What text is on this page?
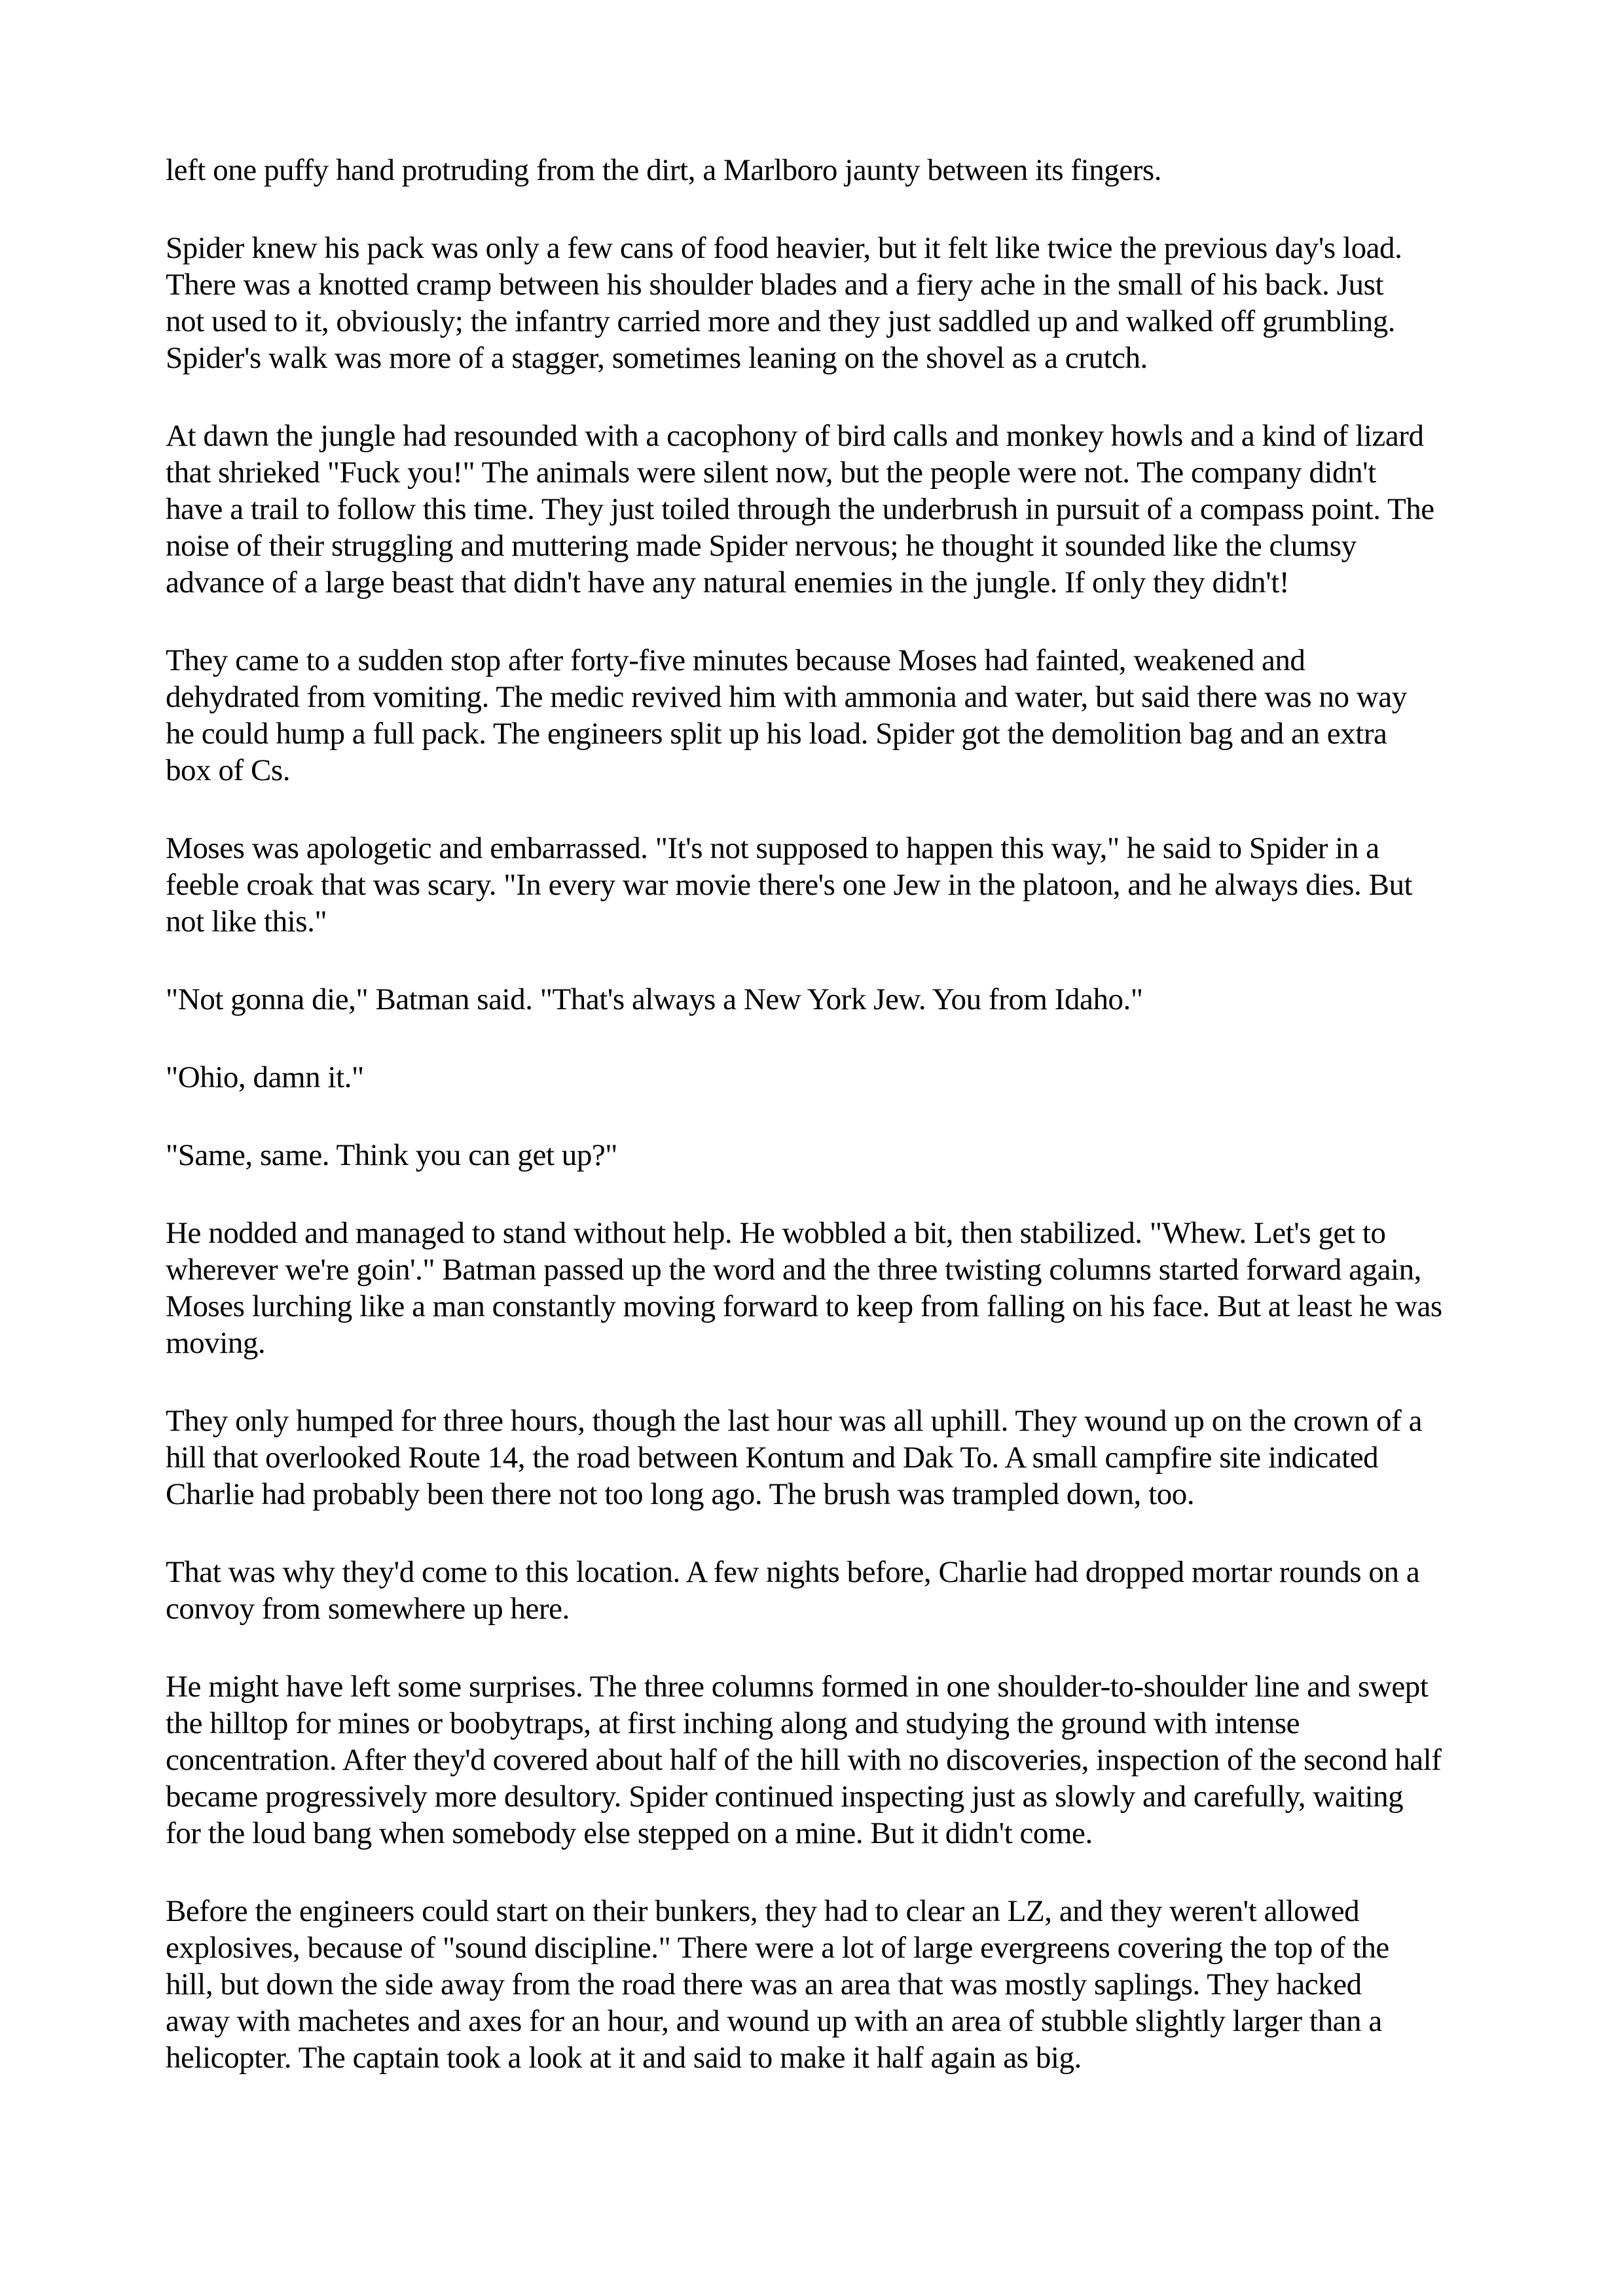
left one puffy hand protruding from the dirt, a Marlboro jaunty between its fingers.

Spider knew his pack was only a few cans of food heavier, but it felt like twice the previous day's load.
There was a knotted cramp between his shoulder blades and a fiery ache in the small of his back. Just
not used to it, obviously; the infantry carried more and they just saddled up and walked off grumbling.
Spider's walk was more of a stagger, sometimes leaning on the shovel as a crutch.

At dawn the jungle had resounded with a cacophony of bird calls and monkey howls and a kind of lizard
that shrieked "Fuck you!" The animals were silent now, but the people were not. The company didn't
have a trail to follow this time. They just toiled through the underbrush in pursuit of a compass point. The
noise of their struggling and muttering made Spider nervous; he thought it sounded like the clumsy
advance of a large beast that didn't have any natural enemies in the jungle. If only they didn't!

They came to a sudden stop after forty-five minutes because Moses had fainted, weakened and
dehydrated from vomiting. The medic revived him with ammonia and water, but said there was no way
he could hump a full pack. The engineers split up his load. Spider got the demolition bag and an extra
box of Cs.

Moses was apologetic and embarrassed. "It's not supposed to happen this way," he said to Spider in a
feeble croak that was scary. "In every war movie there's one Jew in the platoon, and he always dies. But
not like this."

"Not gonna die," Batman said. "That's always a New York Jew. You from Idaho."

"Ohio, damn it."

"Same, same. Think you can get up?"

He nodded and managed to stand without help. He wobbled a bit, then stabilized. "Whew. Let's get to
wherever we're goin'." Batman passed up the word and the three twisting columns started forward again,
Moses lurching like a man constantly moving forward to keep from falling on his face. But at least he was
moving.

They only humped for three hours, though the last hour was all uphill. They wound up on the crown of a
hill that overlooked Route 14, the road between Kontum and Dak To. A small campfire site indicated
Charlie had probably been there not too long ago. The brush was trampled down, too.

That was why they'd come to this location. A few nights before, Charlie had dropped mortar rounds on a
convoy from somewhere up here.

He might have left some surprises. The three columns formed in one shoulder-to-shoulder line and swept
the hilltop for mines or boobytraps, at first inching along and studying the ground with intense
concentration. After they'd covered about half of the hill with no discoveries, inspection of the second half
became progressively more desultory. Spider continued inspecting just as slowly and carefully, waiting
for the loud bang when somebody else stepped on a mine. But it didn't come.

Before the engineers could start on their bunkers, they had to clear an LZ, and they weren't allowed
explosives, because of "sound discipline." There were a lot of large evergreens covering the top of the
hill, but down the side away from the road there was an area that was mostly saplings. They hacked
away with machetes and axes for an hour, and wound up with an area of stubble slightly larger than a
helicopter. The captain took a look at it and said to make it half again as big.
